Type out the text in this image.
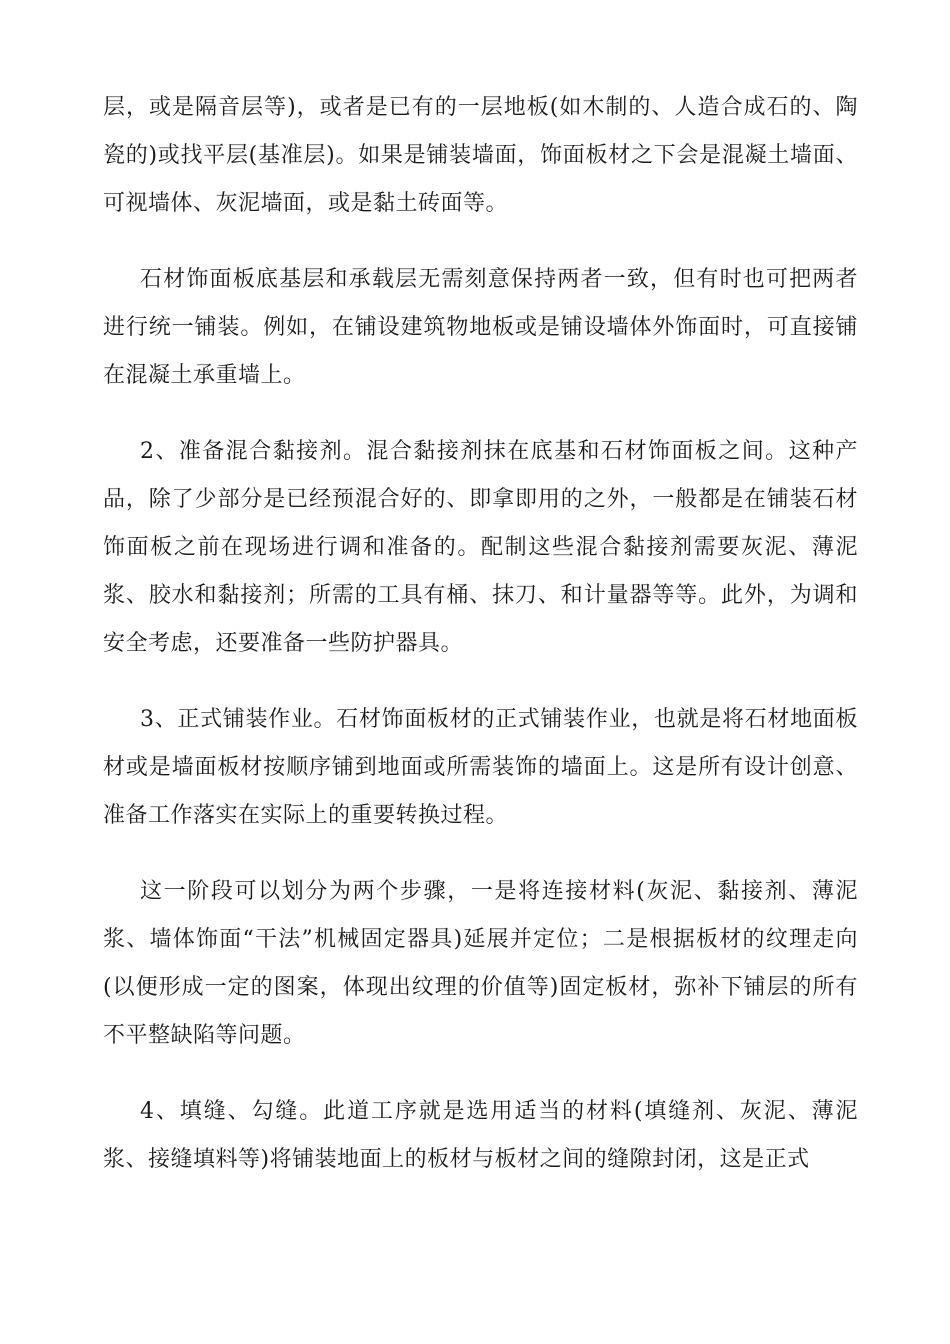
层，或是隔音层等)，或者是已有的一层地板(如木制的、人造合成石的、陶瓷的)或找平层(基准层)。如果是铺装墙面，饰面板材之下会是混凝土墙面、可视墙体、灰泥墙面，或是黏土砖面等。

石材饰面板底基层和承载层无需刻意保持两者一致，但有时也可把两者进行统一铺装。例如，在铺设建筑物地板或是铺设墙体外饰面时，可直接铺在混凝土承重墙上。

2、准备混合黏接剂。混合黏接剂抹在底基和石材饰面板之间。这种产品，除了少部分是已经预混合好的、即拿即用的之外，一般都是在铺装石材饰面板之前在现场进行调和准备的。配制这些混合黏接剂需要灰泥、薄泥浆、胶水和黏接剂；所需的工具有桶、抹刀、和计量器等等。此外，为调和安全考虑，还要准备一些防护器具。

3、正式铺装作业。石材饰面板材的正式铺装作业，也就是将石材地面板材或是墙面板材按顺序铺到地面或所需装饰的墙面上。这是所有设计创意、准备工作落实在实际上的重要转换过程。

这一阶段可以划分为两个步骤，一是将连接材料(灰泥、黏接剂、薄泥浆、墙体饰面“干法”机械固定器具)延展并定位；二是根据板材的纹理走向(以便形成一定的图案，体现出纹理的价值等)固定板材，弥补下铺层的所有不平整缺陷等问题。

4、填缝、勾缝。此道工序就是选用适当的材料(填缝剂、灰泥、薄泥浆、接缝填料等)将铺装地面上的板材与板材之间的缝隙封闭，这是正式
